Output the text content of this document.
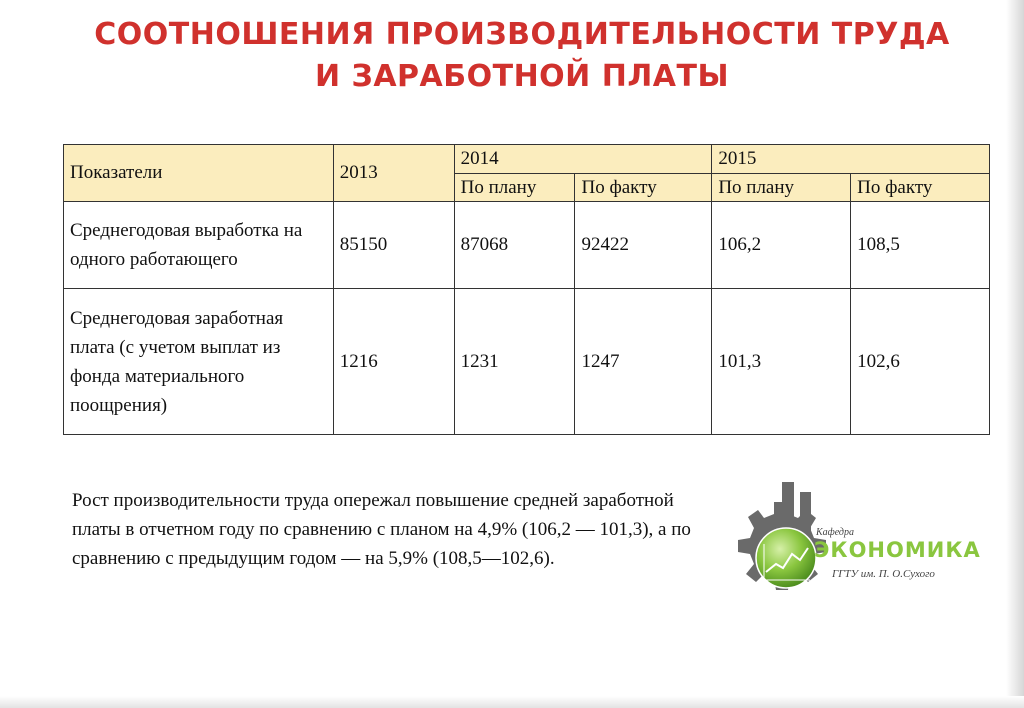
СООТНОШЕНИЯ ПРОИЗВОДИТЕЛЬНОСТИ ТРУДА
И ЗАРАБОТНОЙ ПЛАТЫ
Показатели	2013	2014		2015	
		По плану	По факту	По плану	По факту
Среднегодовая выработка на одного работающего	85150	87068	92422	106,2	108,5
Среднегодовая заработная плата (с учетом выплат из фонда материального поощрения)	1216	1231	1247	101,3	102,6
Рост производительности труда опережал повышение средней заработной платы в отчетном году по сравнению с планом на 4,9% (106,2 — 101,3), а по сравнению с предыдущим годом — на 5,9% (108,5—102,6).
Кафедра
ЭКОНОМИКА
ГГТУ им. П. О.Сухого
